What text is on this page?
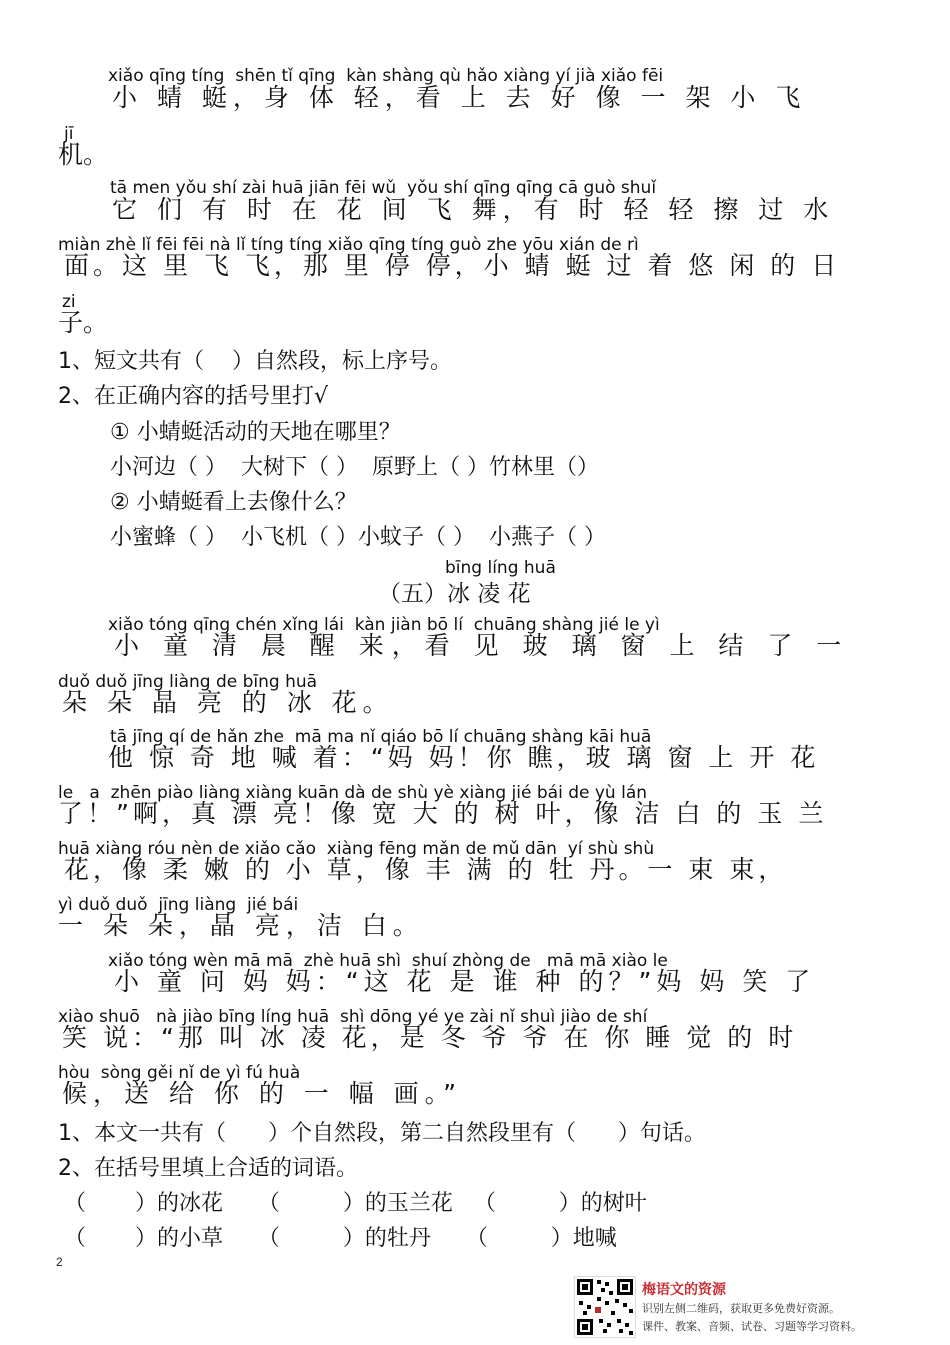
xiǎo qīng tíng  shēn tǐ qīng  kàn shàng qù hǎo xiàng yí jià xiǎo fēi

小 蜻 蜓，身 体 轻，看 上 去 好 像 一 架 小 飞

jī

机。

tā men yǒu shí zài huā jiān fēi wǔ  yǒu shí qīng qīng cā guò shuǐ

它 们 有 时 在 花 间 飞 舞，有 时 轻 轻 擦 过 水

miàn zhè lǐ fēi fēi nà lǐ tíng tíng xiǎo qīng tíng guò zhe yōu xián de rì

面。这 里 飞 飞，那 里 停 停，小 蜻 蜓 过 着 悠 闲 的 日

zi

子。

1、短文共有（    ）自然段，标上序号。

2、在正确内容的括号里打√

① 小蜻蜓活动的天地在哪里？

小河边（ ）  大树下（ ）  原野上（ ）竹林里（）

② 小蜻蜓看上去像什么？

小蜜蜂（ ）  小飞机（ ）小蚊子（ ）  小燕子（ ）

bīng líng huā

（五）冰 凌 花

xiǎo tóng qīng chén xǐng lái  kàn jiàn bō lí  chuāng shàng jié le yì

小 童 清 晨 醒 来，看 见 玻 璃 窗 上 结 了 一

duǒ duǒ jīng liàng de bīng huā

朵 朵 晶 亮 的 冰 花。

tā jīng qí de hǎn zhe  mā ma nǐ qiáo bō lí chuāng shàng kāi huā

他 惊 奇 地 喊 着：“妈 妈！你 瞧，玻 璃 窗 上 开 花

le   a  zhēn piào liàng xiàng kuān dà de shù yè xiàng jié bái de yù lán

了！”啊，真 漂 亮！像 宽 大 的 树 叶，像 洁 白 的 玉 兰

huā xiàng róu nèn de xiǎo cǎo  xiàng fēng mǎn de mǔ dān  yí shù shù

花，像 柔 嫩 的 小 草，像 丰 满 的 牡 丹。一 束 束，

yì duǒ duǒ  jīng liàng  jié bái

一 朵 朵，晶 亮，洁 白。

xiǎo tóng wèn mā mā  zhè huā shì  shuí zhòng de   mā mā xiào le

小 童 问 妈 妈：“这 花 是 谁 种 的？”妈 妈 笑 了

xiào shuō   nà jiào bīng líng huā  shì dōng yé ye zài nǐ shuì jiào de shí

笑 说：“那 叫 冰 凌 花，是 冬 爷 爷 在 你 睡 觉 的 时

hòu  sòng gěi nǐ de yì fú huà

候，送 给 你 的 一 幅 画。”

1、本文一共有（      ）个自然段，第二自然段里有（      ）句话。

2、在括号里填上合适的词语。

（       ）的冰花     （         ）的玉兰花   （         ）的树叶

（       ）的小草     （         ）的牡丹     （         ）地喊

2
梅语文的资源
识别左侧二维码，获取更多免费好资源。
课件、教案、音频、试卷、习题等学习资料。
